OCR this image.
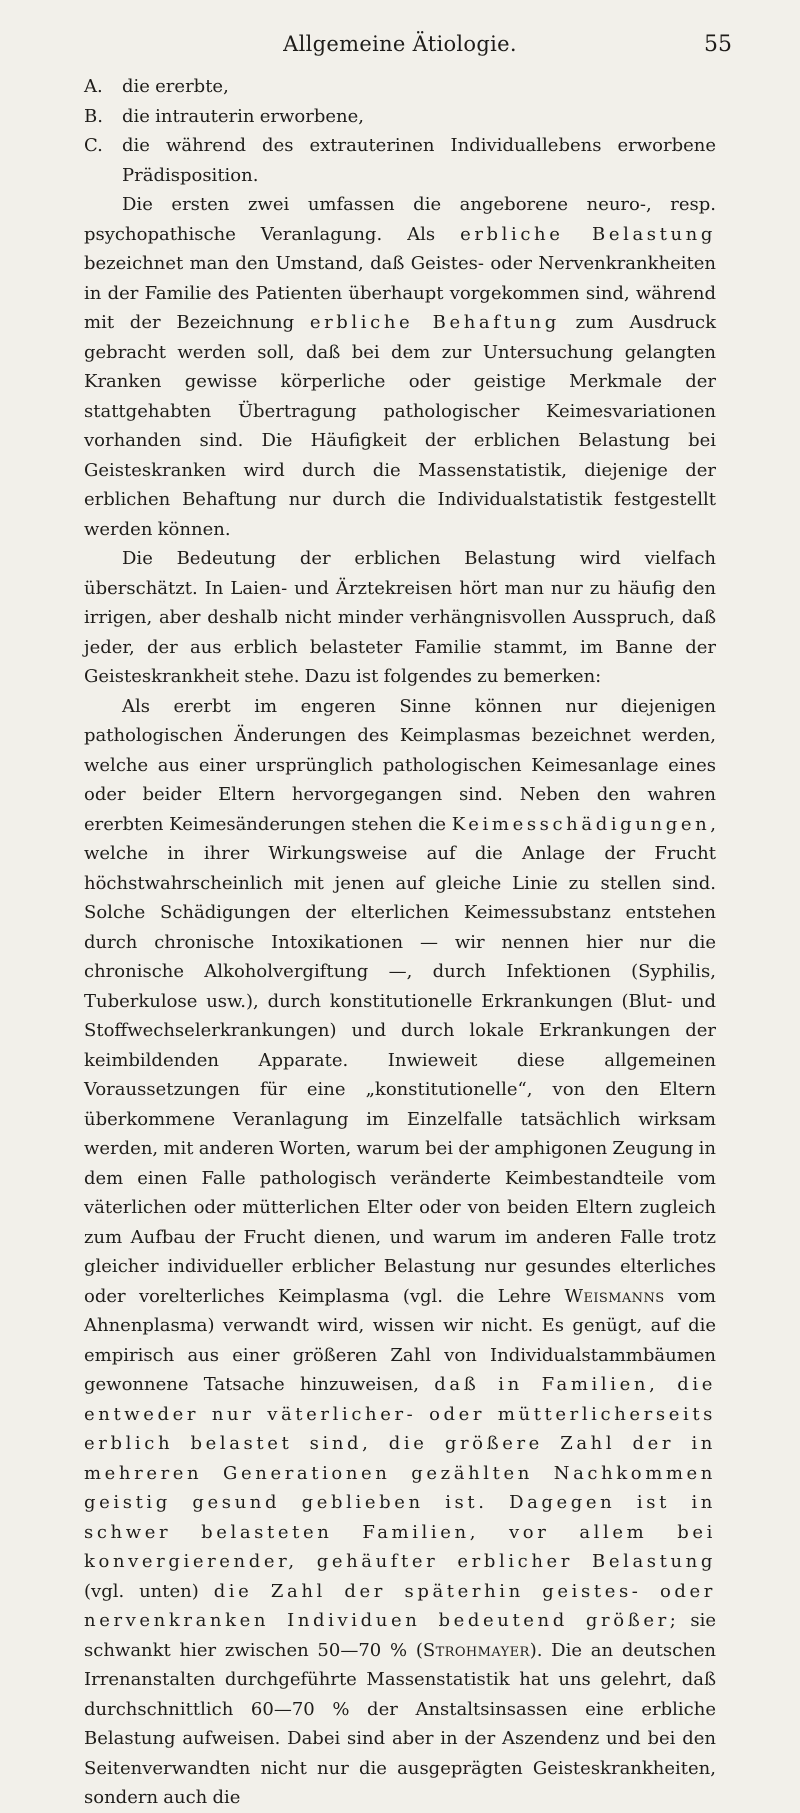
Allgemeine Ätiologie.	55
A. die ererbte,
B. die intrauterin erworbene,
C. die während des extrauterinen Individuallebens erworbene Prädisposition.

Die ersten zwei umfassen die angeborene neuro-, resp. psychopathische Veranlagung. Als erbliche Belastung bezeichnet man den Umstand, daß Geistes- oder Nervenkrankheiten in der Familie des Patienten überhaupt vorgekommen sind, während mit der Bezeichnung erbliche Behaftung zum Ausdruck gebracht werden soll, daß bei dem zur Untersuchung gelangten Kranken gewisse körperliche oder geistige Merkmale der stattgehabten Übertragung pathologischer Keimesvariationen vorhanden sind. Die Häufigkeit der erblichen Belastung bei Geisteskranken wird durch die Massenstatistik, diejenige der erblichen Behaftung nur durch die Individualstatistik festgestellt werden können.

Die Bedeutung der erblichen Belastung wird vielfach überschätzt. In Laien- und Ärztekreisen hört man nur zu häufig den irrigen, aber deshalb nicht minder verhängnisvollen Ausspruch, daß jeder, der aus erblich belasteter Familie stammt, im Banne der Geisteskrankheit stehe. Dazu ist folgendes zu bemerken:

Als ererbt im engeren Sinne können nur diejenigen pathologischen Änderungen des Keimplasmas bezeichnet werden, welche aus einer ursprünglich pathologischen Keimesanlage eines oder beider Eltern hervorgegangen sind. Neben den wahren ererbten Keimesänderungen stehen die Keimesschädigungen, welche in ihrer Wirkungsweise auf die Anlage der Frucht höchstwahrscheinlich mit jenen auf gleiche Linie zu stellen sind. Solche Schädigungen der elterlichen Keimessubstanz entstehen durch chronische Intoxikationen — wir nennen hier nur die chronische Alkoholvergiftung —, durch Infektionen (Syphilis, Tuberkulose usw.), durch konstitutionelle Erkrankungen (Blut- und Stoffwechselerkrankungen) und durch lokale Erkrankungen der keimbildenden Apparate. Inwieweit diese allgemeinen Voraussetzungen für eine „konstitutionelle“, von den Eltern überkommene Veranlagung im Einzelfalle tatsächlich wirksam werden, mit anderen Worten, warum bei der amphigonen Zeugung in dem einen Falle pathologisch veränderte Keimbestandteile vom väterlichen oder mütterlichen Elter oder von beiden Eltern zugleich zum Aufbau der Frucht dienen, und warum im anderen Falle trotz gleicher individueller erblicher Belastung nur gesundes elterliches oder vorelterliches Keimplasma (vgl. die Lehre Weismanns vom Ahnenplasma) verwandt wird, wissen wir nicht. Es genügt, auf die empirisch aus einer größeren Zahl von Individualstammbäumen gewonnene Tatsache hinzuweisen, daß in Familien, die entweder nur väterlicher- oder mütterlicherseits erblich belastet sind, die größere Zahl der in mehreren Generationen gezählten Nachkommen geistig gesund geblieben ist. Dagegen ist in schwer belasteten Familien, vor allem bei konvergierender, gehäufter erblicher Belastung (vgl. unten) die Zahl der späterhin geistes- oder nervenkranken Individuen bedeutend größer; sie schwankt hier zwischen 50—70 % (Strohmayer). Die an deutschen Irrenanstalten durchgeführte Massenstatistik hat uns gelehrt, daß durchschnittlich 60—70 % der Anstaltsinsassen eine erbliche Belastung aufweisen. Dabei sind aber in der Aszendenz und bei den Seitenverwandten nicht nur die ausgeprägten Geisteskrankheiten, sondern auch die
